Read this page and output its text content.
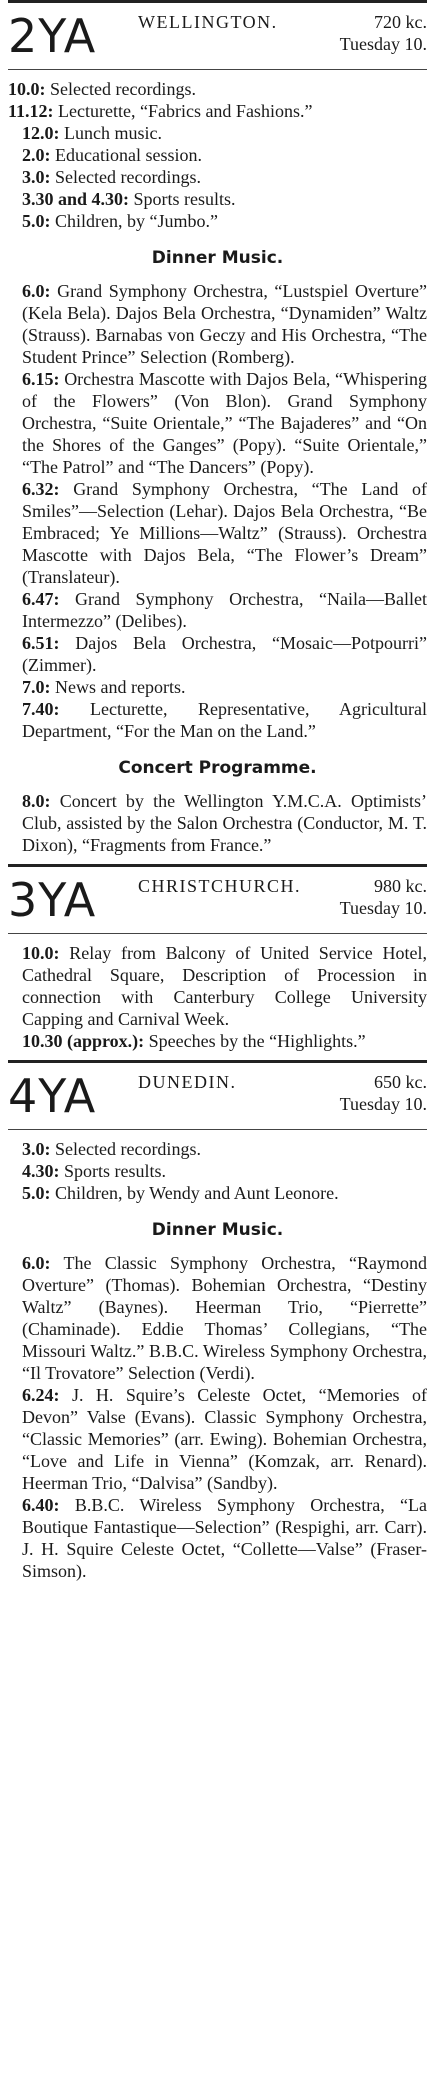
2YA	WELLINGTON.	720 kc.
Tuesday 10.
10.0: Selected recordings.
11.12: Lecturette, “Fabrics and Fashions.”
12.0: Lunch music.
2.0: Educational session.
3.0: Selected recordings.
3.30 and 4.30: Sports results.
5.0: Children, by “Jumbo.”
Dinner Music.
6.0: Grand Symphony Orchestra, “Lustspiel Overture” (Kela Bela). Dajos Bela Orchestra, “Dynamiden” Waltz (Strauss). Barnabas von Geczy and His Orchestra, “The Student Prince” Selection (Romberg).
6.15: Orchestra Mascotte with Dajos Bela, “Whispering of the Flowers” (Von Blon). Grand Symphony Orchestra, “Suite Orientale,” “The Bajaderes” and “On the Shores of the Ganges” (Popy). “Suite Orientale,” “The Patrol” and “The Dancers” (Popy).
6.32: Grand Symphony Orchestra, “The Land of Smiles”—Selection (Lehar). Dajos Bela Orchestra, “Be Embraced; Ye Millions—Waltz” (Strauss). Orchestra Mascotte with Dajos Bela, “The Flower’s Dream” (Translateur).
6.47: Grand Symphony Orchestra, “Naila—Ballet Intermezzo” (Delibes).
6.51: Dajos Bela Orchestra, “Mosaic—Potpourri” (Zimmer).
7.0: News and reports.
7.40: Lecturette, Representative, Agricultural Department, “For the Man on the Land.”
Concert Programme.
8.0: Concert by the Wellington Y.M.C.A. Optimists’ Club, assisted by the Salon Orchestra (Conductor, M. T. Dixon), “Fragments from France.”
3YA	CHRISTCHURCH.	980 kc.
Tuesday 10.
10.0: Relay from Balcony of United Service Hotel, Cathedral Square, Description of Procession in connection with Canterbury College University Capping and Carnival Week.
10.30 (approx.): Speeches by the “Highlights.”
4YA	DUNEDIN.	650 kc.
Tuesday 10.
3.0: Selected recordings.
4.30: Sports results.
5.0: Children, by Wendy and Aunt Leonore.
Dinner Music.
6.0: The Classic Symphony Orchestra, “Raymond Overture” (Thomas). Bohemian Orchestra, “Destiny Waltz” (Baynes). Heerman Trio, “Pierrette” (Chaminade). Eddie Thomas’ Collegians, “The Missouri Waltz.” B.B.C. Wireless Symphony Orchestra, “Il Trovatore” Selection (Verdi).
6.24: J. H. Squire’s Celeste Octet, “Memories of Devon” Valse (Evans). Classic Symphony Orchestra, “Classic Memories” (arr. Ewing). Bohemian Orchestra, “Love and Life in Vienna” (Komzak, arr. Renard). Heerman Trio, “Dalvisa” (Sandby).
6.40: B.B.C. Wireless Symphony Orchestra, “La Boutique Fantastique—Selection” (Respighi, arr. Carr). J. H. Squire Celeste Octet, “Collette—Valse” (Fraser-Simson).
